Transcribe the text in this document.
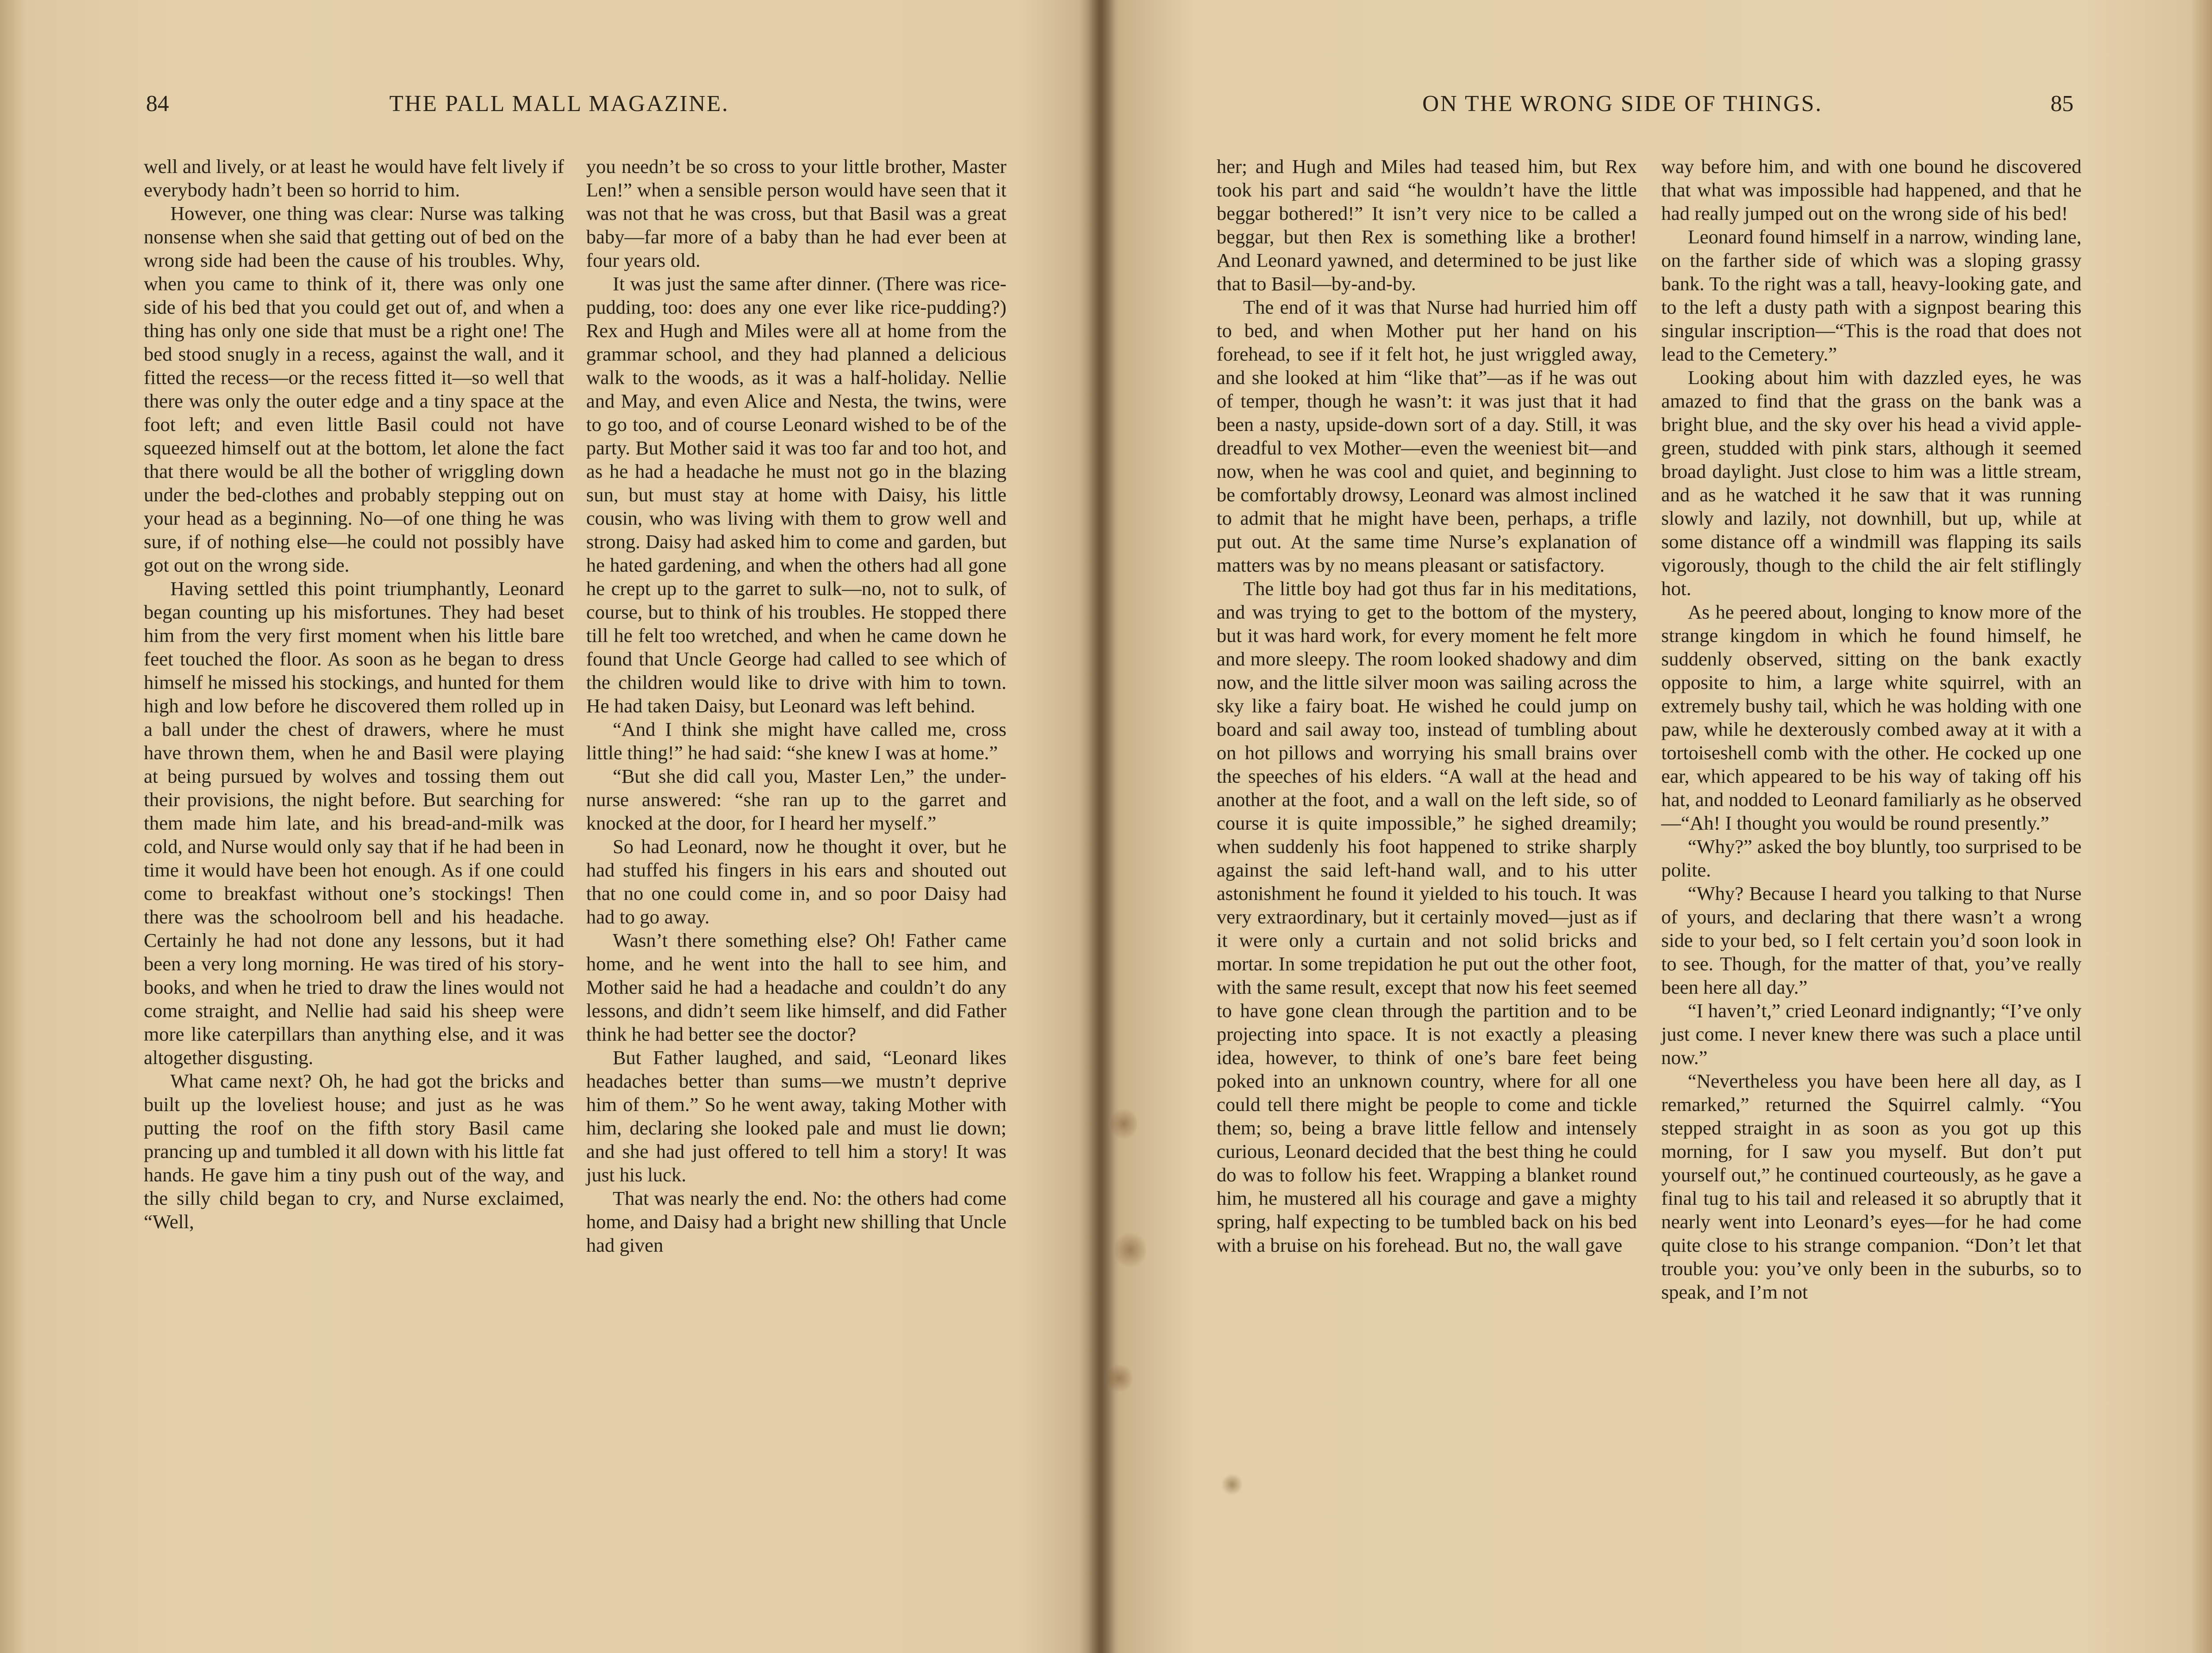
84	THE PALL MALL MAGAZINE.

well and lively, or at least he would have felt lively if everybody hadn’t been so horrid to him.

However, one thing was clear: Nurse was talking nonsense when she said that getting out of bed on the wrong side had been the cause of his troubles. Why, when you came to think of it, there was only one side of his bed that you could get out of, and when a thing has only one side that must be a right one! The bed stood snugly in a recess, against the wall, and it fitted the recess—or the recess fitted it—so well that there was only the outer edge and a tiny space at the foot left; and even little Basil could not have squeezed himself out at the bottom, let alone the fact that there would be all the bother of wriggling down under the bed-clothes and probably stepping out on your head as a beginning. No—of one thing he was sure, if of nothing else—he could not possibly have got out on the wrong side.

Having settled this point triumphantly, Leonard began counting up his misfortunes. They had beset him from the very first moment when his little bare feet touched the floor. As soon as he began to dress himself he missed his stockings, and hunted for them high and low before he discovered them rolled up in a ball under the chest of drawers, where he must have thrown them, when he and Basil were playing at being pursued by wolves and tossing them out their provisions, the night before. But searching for them made him late, and his bread-and-milk was cold, and Nurse would only say that if he had been in time it would have been hot enough. As if one could come to breakfast without one’s stockings! Then there was the schoolroom bell and his headache. Certainly he had not done any lessons, but it had been a very long morning. He was tired of his story-books, and when he tried to draw the lines would not come straight, and Nellie had said his sheep were more like caterpillars than anything else, and it was altogether disgusting.

What came next? Oh, he had got the bricks and built up the loveliest house; and just as he was putting the roof on the fifth story Basil came prancing up and tumbled it all down with his little fat hands. He gave him a tiny push out of the way, and the silly child began to cry, and Nurse exclaimed, “Well,

you needn’t be so cross to your little brother, Master Len!” when a sensible person would have seen that it was not that he was cross, but that Basil was a great baby—far more of a baby than he had ever been at four years old.

It was just the same after dinner. (There was rice-pudding, too: does any one ever like rice-pudding?) Rex and Hugh and Miles were all at home from the grammar school, and they had planned a delicious walk to the woods, as it was a half-holiday. Nellie and May, and even Alice and Nesta, the twins, were to go too, and of course Leonard wished to be of the party. But Mother said it was too far and too hot, and as he had a headache he must not go in the blazing sun, but must stay at home with Daisy, his little cousin, who was living with them to grow well and strong. Daisy had asked him to come and garden, but he hated gardening, and when the others had all gone he crept up to the garret to sulk—no, not to sulk, of course, but to think of his troubles. He stopped there till he felt too wretched, and when he came down he found that Uncle George had called to see which of the children would like to drive with him to town. He had taken Daisy, but Leonard was left behind.

“And I think she might have called me, cross little thing!” he had said: “she knew I was at home.”

“But she did call you, Master Len,” the under-nurse answered: “she ran up to the garret and knocked at the door, for I heard her myself.”

So had Leonard, now he thought it over, but he had stuffed his fingers in his ears and shouted out that no one could come in, and so poor Daisy had had to go away.

Wasn’t there something else? Oh! Father came home, and he went into the hall to see him, and Mother said he had a headache and couldn’t do any lessons, and didn’t seem like himself, and did Father think he had better see the doctor?

But Father laughed, and said, “Leonard likes headaches better than sums—we mustn’t deprive him of them.” So he went away, taking Mother with him, declaring she looked pale and must lie down; and she had just offered to tell him a story! It was just his luck.

That was nearly the end. No: the others had come home, and Daisy had a bright new shilling that Uncle had given

ON THE WRONG SIDE OF THINGS.	85

her; and Hugh and Miles had teased him, but Rex took his part and said “he wouldn’t have the little beggar bothered!” It isn’t very nice to be called a beggar, but then Rex is something like a brother! And Leonard yawned, and determined to be just like that to Basil—by-and-by.

The end of it was that Nurse had hurried him off to bed, and when Mother put her hand on his forehead, to see if it felt hot, he just wriggled away, and she looked at him “like that”—as if he was out of temper, though he wasn’t: it was just that it had been a nasty, upside-down sort of a day. Still, it was dreadful to vex Mother—even the weeniest bit—and now, when he was cool and quiet, and beginning to be comfortably drowsy, Leonard was almost inclined to admit that he might have been, perhaps, a trifle put out. At the same time Nurse’s explanation of matters was by no means pleasant or satisfactory.

The little boy had got thus far in his meditations, and was trying to get to the bottom of the mystery, but it was hard work, for every moment he felt more and more sleepy. The room looked shadowy and dim now, and the little silver moon was sailing across the sky like a fairy boat. He wished he could jump on board and sail away too, instead of tumbling about on hot pillows and worrying his small brains over the speeches of his elders. “A wall at the head and another at the foot, and a wall on the left side, so of course it is quite impossible,” he sighed dreamily; when suddenly his foot happened to strike sharply against the said left-hand wall, and to his utter astonishment he found it yielded to his touch. It was very extraordinary, but it certainly moved—just as if it were only a curtain and not solid bricks and mortar. In some trepidation he put out the other foot, with the same result, except that now his feet seemed to have gone clean through the partition and to be projecting into space. It is not exactly a pleasing idea, however, to think of one’s bare feet being poked into an unknown country, where for all one could tell there might be people to come and tickle them; so, being a brave little fellow and intensely curious, Leonard decided that the best thing he could do was to follow his feet. Wrapping a blanket round him, he mustered all his courage and gave a mighty spring, half expecting to be tumbled back on his bed with a bruise on his forehead. But no, the wall gave

way before him, and with one bound he discovered that what was impossible had happened, and that he had really jumped out on the wrong side of his bed!

Leonard found himself in a narrow, winding lane, on the farther side of which was a sloping grassy bank. To the right was a tall, heavy-looking gate, and to the left a dusty path with a signpost bearing this singular inscription—“This is the road that does not lead to the Cemetery.”

Looking about him with dazzled eyes, he was amazed to find that the grass on the bank was a bright blue, and the sky over his head a vivid apple-green, studded with pink stars, although it seemed broad daylight. Just close to him was a little stream, and as he watched it he saw that it was running slowly and lazily, not downhill, but up, while at some distance off a windmill was flapping its sails vigorously, though to the child the air felt stiflingly hot.

As he peered about, longing to know more of the strange kingdom in which he found himself, he suddenly observed, sitting on the bank exactly opposite to him, a large white squirrel, with an extremely bushy tail, which he was holding with one paw, while he dexterously combed away at it with a tortoiseshell comb with the other. He cocked up one ear, which appeared to be his way of taking off his hat, and nodded to Leonard familiarly as he observed—“Ah! I thought you would be round presently.”

“Why?” asked the boy bluntly, too surprised to be polite.

“Why? Because I heard you talking to that Nurse of yours, and declaring that there wasn’t a wrong side to your bed, so I felt certain you’d soon look in to see. Though, for the matter of that, you’ve really been here all day.”

“I haven’t,” cried Leonard indignantly; “I’ve only just come. I never knew there was such a place until now.”

“Nevertheless you have been here all day, as I remarked,” returned the Squirrel calmly. “You stepped straight in as soon as you got up this morning, for I saw you myself. But don’t put yourself out,” he continued courteously, as he gave a final tug to his tail and released it so abruptly that it nearly went into Leonard’s eyes—for he had come quite close to his strange companion. “Don’t let that trouble you: you’ve only been in the suburbs, so to speak, and I’m not
